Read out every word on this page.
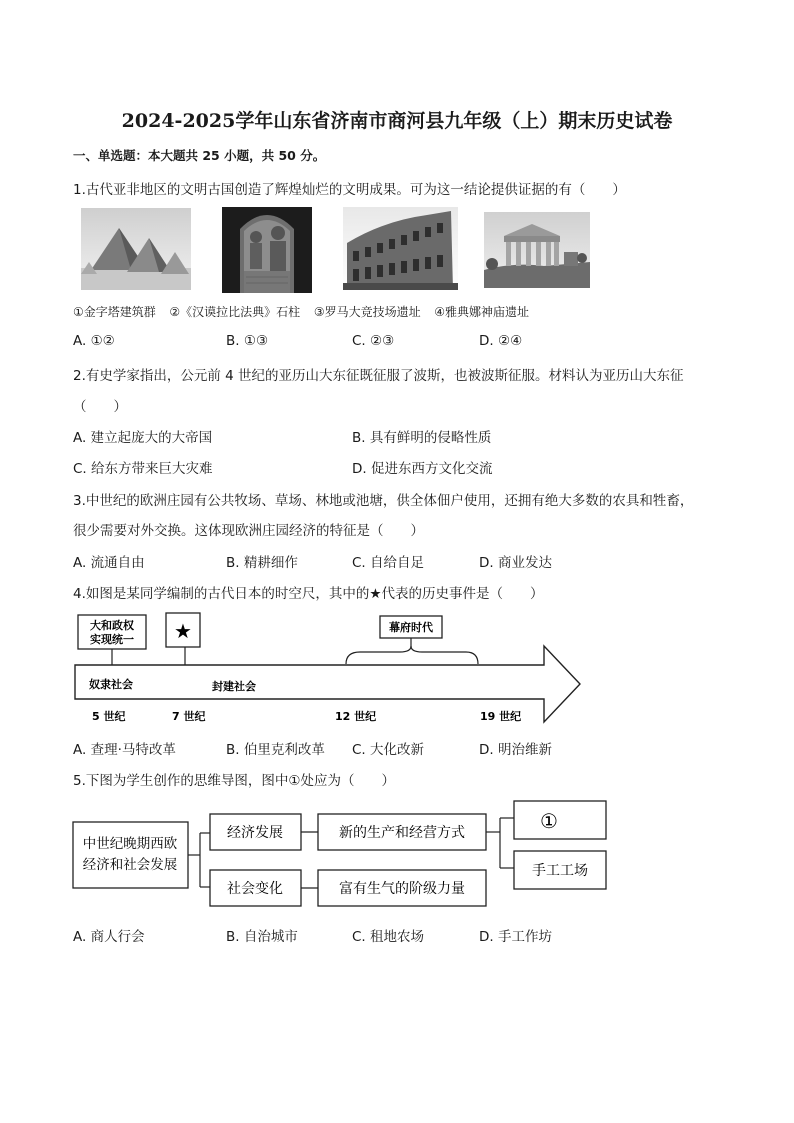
2024-2025学年山东省济南市商河县九年级（上）期末历史试卷
一、单选题：本大题共 25 小题，共 50 分。
1.古代亚非地区的文明古国创造了辉煌灿烂的文明成果。可为这一结论提供证据的有（　　）
①金字塔建筑群 ②《汉谟拉比法典》石柱 ③罗马大竞技场遗址 ④雅典娜神庙遗址
A. ①②	B. ①③	C. ②③	D. ②④
2.有史学家指出，公元前 4 世纪的亚历山大东征既征服了波斯，也被波斯征服。材料认为亚历山大东征
（　　）
A. 建立起庞大的大帝国	B. 具有鲜明的侵略性质
C. 给东方带来巨大灾难	D. 促进东西方文化交流
3.中世纪的欧洲庄园有公共牧场、草场、林地或池塘，供全体佃户使用，还拥有绝大多数的农具和牲畜，
很少需要对外交换。这体现欧洲庄园经济的特征是（　　）
A. 流通自由	B. 精耕细作	C. 自给自足	D. 商业发达
4.如图是某同学编制的古代日本的时空尺，其中的★代表的历史事件是（　　）
大和政权
实现统一 ★	幕府时代
奴隶社会	封建社会
5 世纪	7 世纪	12 世纪	19 世纪
A. 查理·马特改革	B. 伯里克利改革 C. 大化改新	D. 明治维新
5.下图为学生创作的思维导图，图中①处应为（　　）
中世纪晚期西欧
经济和社会发展
经济发展
社会变化
新的生产和经营方式
富有生气的阶级力量
①
手工工场
A. 商人行会	B. 自治城市	C. 租地农场	D. 手工作坊
